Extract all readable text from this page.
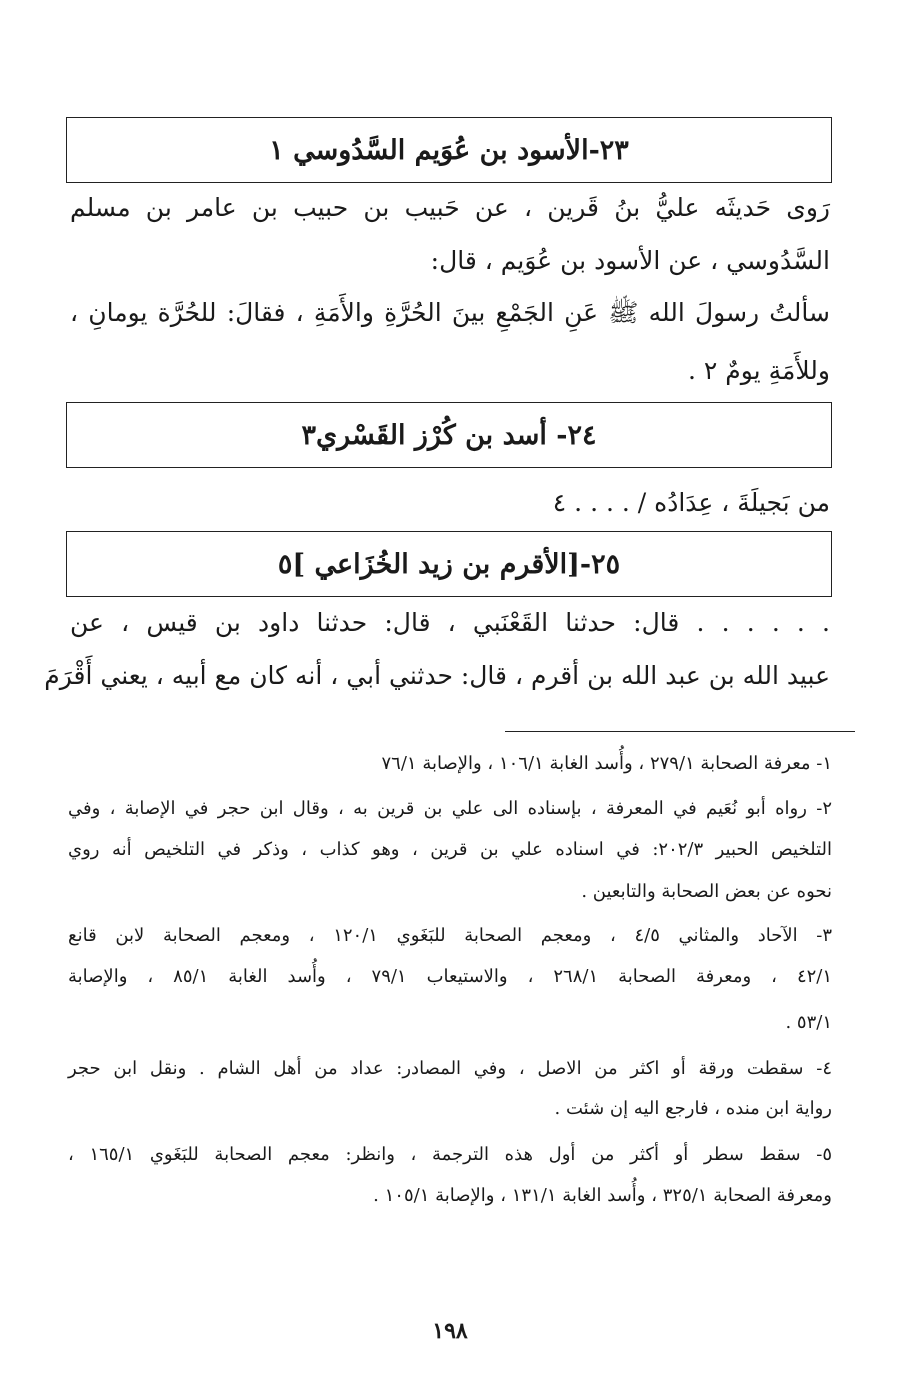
٢٣-الأسود بن عُوَيم السَّدُوسي ١
رَوى حَديثَه عليُّ بنُ قَرين ، عن حَبيب بن حبيب بن عامر بن مسلم
السَّدُوسي ، عن الأسود بن عُوَيم ، قال:
سألتُ رسولَ الله ﷺ عَنِ الجَمْعِ بينَ الحُرَّةِ والأَمَةِ ، فقالَ: للحُرَّة يومانِ ،
وللأَمَةِ يومٌ ٢ .
٢٤- أسد بن كُرْز القَسْري٣
من بَجيلَةَ ، عِدَادُه / . . . . ٤
٢٥-[الأقرم بن زيد الخُزَاعي ]٥
. . . . . . قال: حدثنا القَعْنَبي ، قال: حدثنا داود بن قيس ، عن
عبيد الله بن عبد الله بن أقرم ، قال: حدثني أبي ، أنه كان مع أبيه ، يعني أَقْرَمَ
١- معرفة الصحابة ٢٧٩/١ ، وأُسد الغابة ١٠٦/١ ، والإصابة ٧٦/١
٢- رواه أبو نُعَيم في المعرفة ، بإسناده الى علي بن قرين به ، وقال ابن حجر في الإصابة ، وفي
التلخيص الحبير ٢٠٢/٣: في اسناده علي بن قرين ، وهو كذاب ، وذكر في التلخيص أنه روي
نحوه عن بعض الصحابة والتابعين .
٣- الآحاد والمثاني ٤/٥ ، ومعجم الصحابة للبَغَوي ١٢٠/١ ، ومعجم الصحابة لابن قانع
٤٢/١ ، ومعرفة الصحابة ٢٦٨/١ ، والاستيعاب ٧٩/١ ، وأُسد الغابة ٨٥/١ ، والإصابة
٥٣/١ .
٤- سقطت ورقة أو اكثر من الاصل ، وفي المصادر: عداد من أهل الشام . ونقل ابن حجر
رواية ابن منده ، فارجع اليه إن شئت .
٥- سقط سطر أو أكثر من أول هذه الترجمة ، وانظر: معجم الصحابة للبَغَوي ١٦٥/١ ،
ومعرفة الصحابة ٣٢٥/١ ، وأُسد الغابة ١٣١/١ ، والإصابة ١٠٥/١ .
١٩٨
